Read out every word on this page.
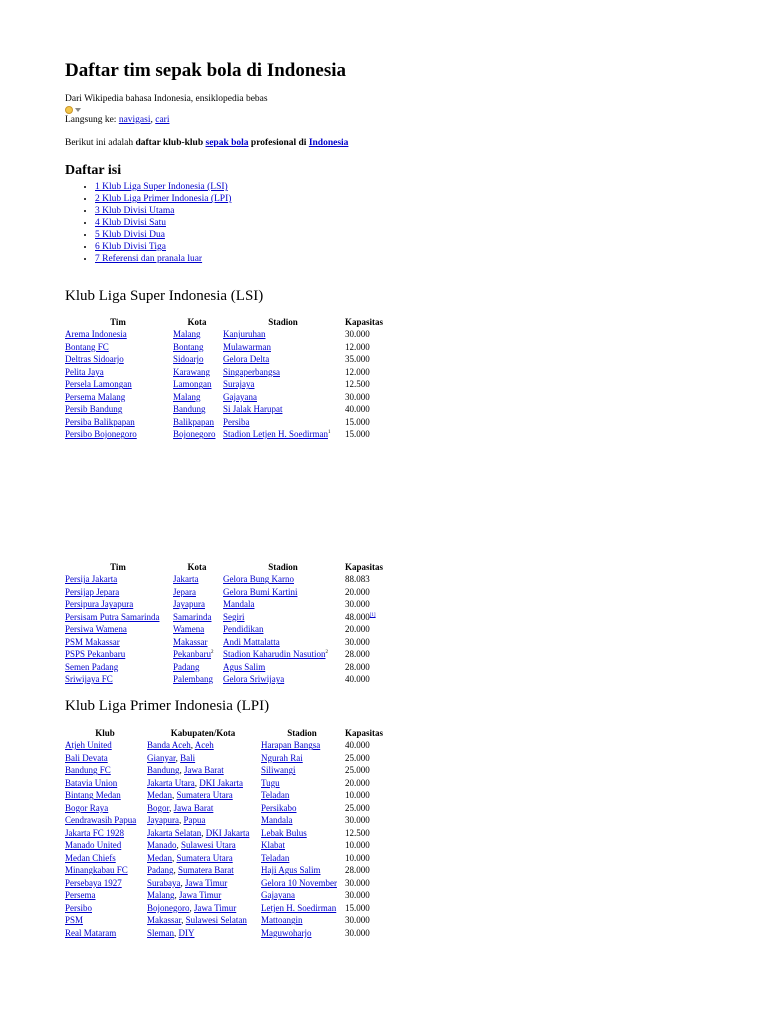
Daftar tim sepak bola di Indonesia
Dari Wikipedia bahasa Indonesia, ensiklopedia bebas
Langsung ke: navigasi, cari
Berikut ini adalah daftar klub-klub sepak bola profesional di Indonesia
Daftar isi
• 1 Klub Liga Super Indonesia (LSI)
• 2 Klub Liga Primer Indonesia (LPI)
• 3 Klub Divisi Utama
• 4 Klub Divisi Satu
• 5 Klub Divisi Dua
• 6 Klub Divisi Tiga
• 7 Referensi dan pranala luar
Klub Liga Super Indonesia (LSI)
Tim	Kota	Stadion	Kapasitas
Arema Indonesia	Malang	Kanjuruhan	30.000
Bontang FC	Bontang	Mulawarman	12.000
Deltras Sidoarjo	Sidoarjo	Gelora Delta	35.000
Pelita Jaya	Karawang	Singaperbangsa	12.000
Persela Lamongan	Lamongan	Surajaya	12.500
Persema Malang	Malang	Gajayana	30.000
Persib Bandung	Bandung	Si Jalak Harupat	40.000
Persiba Balikpapan	Balikpapan	Persiba	15.000
Persibo Bojonegoro	Bojonegoro	Stadion Letjen H. Soedirman$^1$	15.000
Tim	Kota	Stadion	Kapasitas
Persija Jakarta	Jakarta	Gelora Bung Karno	88.083
Persijap Jepara	Jepara	Gelora Bumi Kartini	20.000
Persipura Jayapura	Jayapura	Mandala	30.000
Persisam Putra Samarinda	Samarinda	Segiri	48.000[1]
Persiwa Wamena	Wamena	Pendidikan	20.000
PSM Makassar	Makassar	Andi Mattalatta	30.000
PSPS Pekanbaru	Pekanbaru$^2$	Stadion Kaharudin Nasution$^2$	28.000
Semen Padang	Padang	Agus Salim	28.000
Sriwijaya FC	Palembang	Gelora Sriwijaya	40.000
Klub Liga Primer Indonesia (LPI)
Klub	Kabupaten/Kota	Stadion	Kapasitas
Atjeh United	Banda Aceh, Aceh	Harapan Bangsa	40.000
Bali Devata	Gianyar, Bali	Ngurah Rai	25.000
Bandung FC	Bandung, Jawa Barat	Siliwangi	25.000
Batavia Union	Jakarta Utara, DKI Jakarta	Tugu	20.000
Bintang Medan	Medan, Sumatera Utara	Teladan	10.000
Bogor Raya	Bogor, Jawa Barat	Persikabo	25.000
Cendrawasih Papua	Jayapura, Papua	Mandala	30.000
Jakarta FC 1928	Jakarta Selatan, DKI Jakarta	Lebak Bulus	12.500
Manado United	Manado, Sulawesi Utara	Klabat	10.000
Medan Chiefs	Medan, Sumatera Utara	Teladan	10.000
Minangkabau FC	Padang, Sumatera Barat	Haji Agus Salim	28.000
Persebaya 1927	Surabaya, Jawa Timur	Gelora 10 November	30.000
Persema	Malang, Jawa Timur	Gajayana	30.000
Persibo	Bojonegoro, Jawa Timur	Letjen H. Soedirman	15.000
PSM	Makassar, Sulawesi Selatan	Mattoangin	30.000
Real Mataram	Sleman, DIY	Maguwoharjo	30.000
